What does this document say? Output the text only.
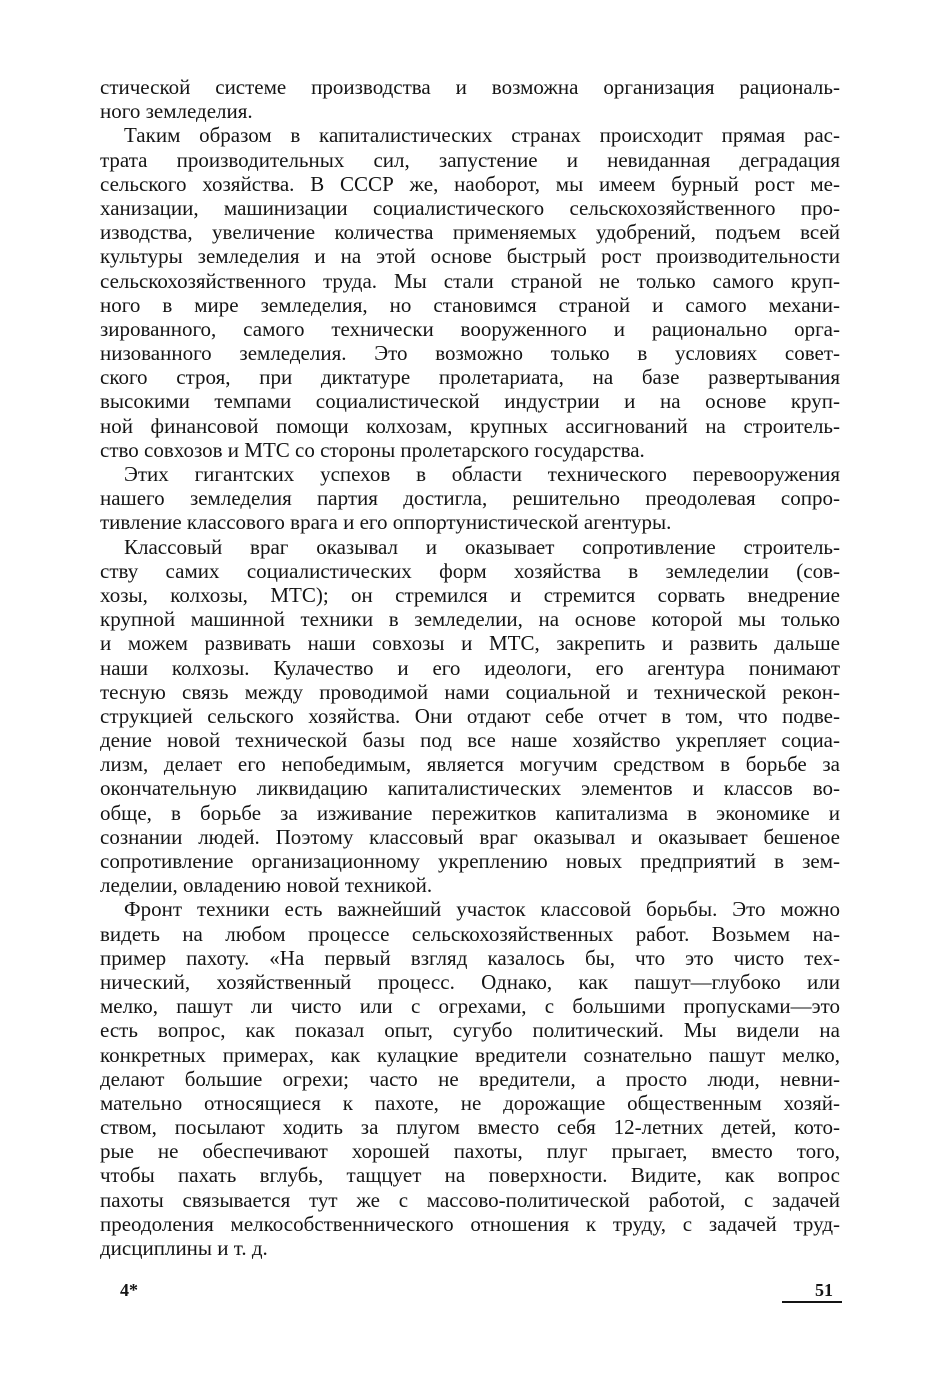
стической системе производства и возможна организация рациональ-
ного земледелия.
Таким образом в капиталистических странах происходит прямая рас-
трата производительных сил, запустение и невиданная деградация
сельского хозяйства. В СССР же, наоборот, мы имеем бурный рост ме-
ханизации, машинизации социалистического сельскохозяйственного про-
изводства, увеличение количества применяемых удобрений, подъем всей
культуры земледелия и на этой основе быстрый рост производительности
сельскохозяйственного труда. Мы стали страной не только самого круп-
ного в мире земледелия, но становимся страной и самого механи-
зированного, самого технически вооруженного и рационально орга-
низованного земледелия. Это возможно только в условиях совет-
ского строя, при диктатуре пролетариата, на базе развертывания
высокими темпами социалистической индустрии и на основе круп-
ной финансовой помощи колхозам, крупных ассигнований на строитель-
ство совхозов и МТС со стороны пролетарского государства.
Этих гигантских успехов в области технического перевооружения
нашего земледелия партия достигла, решительно преодолевая сопро-
тивление классового врага и его оппортунистической агентуры.
Классовый враг оказывал и оказывает сопротивление строитель-
ству самих социалистических форм хозяйства в земледелии (сов-
хозы, колхозы, МТС); он стремился и стремится сорвать внедрение
крупной машинной техники в земледелии, на основе которой мы только
и можем развивать наши совхозы и МТС, закрепить и развить дальше
наши колхозы. Кулачество и его идеологи, его агентура понимают
тесную связь между проводимой нами социальной и технической рекон-
струкцией сельского хозяйства. Они отдают себе отчет в том, что подве-
дение новой технической базы под все наше хозяйство укрепляет социа-
лизм, делает его непобедимым, является могучим средством в борьбе за
окончательную ликвидацию капиталистических элементов и классов во-
обще, в борьбе за изживание пережитков капитализма в экономике и
сознании людей. Поэтому классовый враг оказывал и оказывает бешеное
сопротивление организационному укреплению новых предприятий в зем-
леделии, овладению новой техникой.
Фронт техники есть важнейший участок классовой борьбы. Это можно
видеть на любом процессе сельскохозяйственных работ. Возьмем на-
пример пахоту. «На первый взгляд казалось бы, что это чисто тех-
нический, хозяйственный процесс. Однако, как пашут—глубоко или
мелко, пашут ли чисто или с огрехами, с большими пропусками—это
есть вопрос, как показал опыт, сугубо политический. Мы видели на
конкретных примерах, как кулацкие вредители сознательно пашут мелко,
делают большие огрехи; часто не вредители, а просто люди, невни-
мательно относящиеся к пахоте, не дорожащие общественным хозяй-
ством, посылают ходить за плугом вместо себя 12-летних детей, кото-
рые не обеспечивают хорошей пахоты, плуг прыгает, вместо того,
чтобы пахать вглубь, тащцует на поверхности. Видите, как вопрос
пахоты связывается тут же с массово-политической работой, с задачей
преодоления мелкособственнического отношения к труду, с задачей труд-
дисциплины и т. д.
4*	51
